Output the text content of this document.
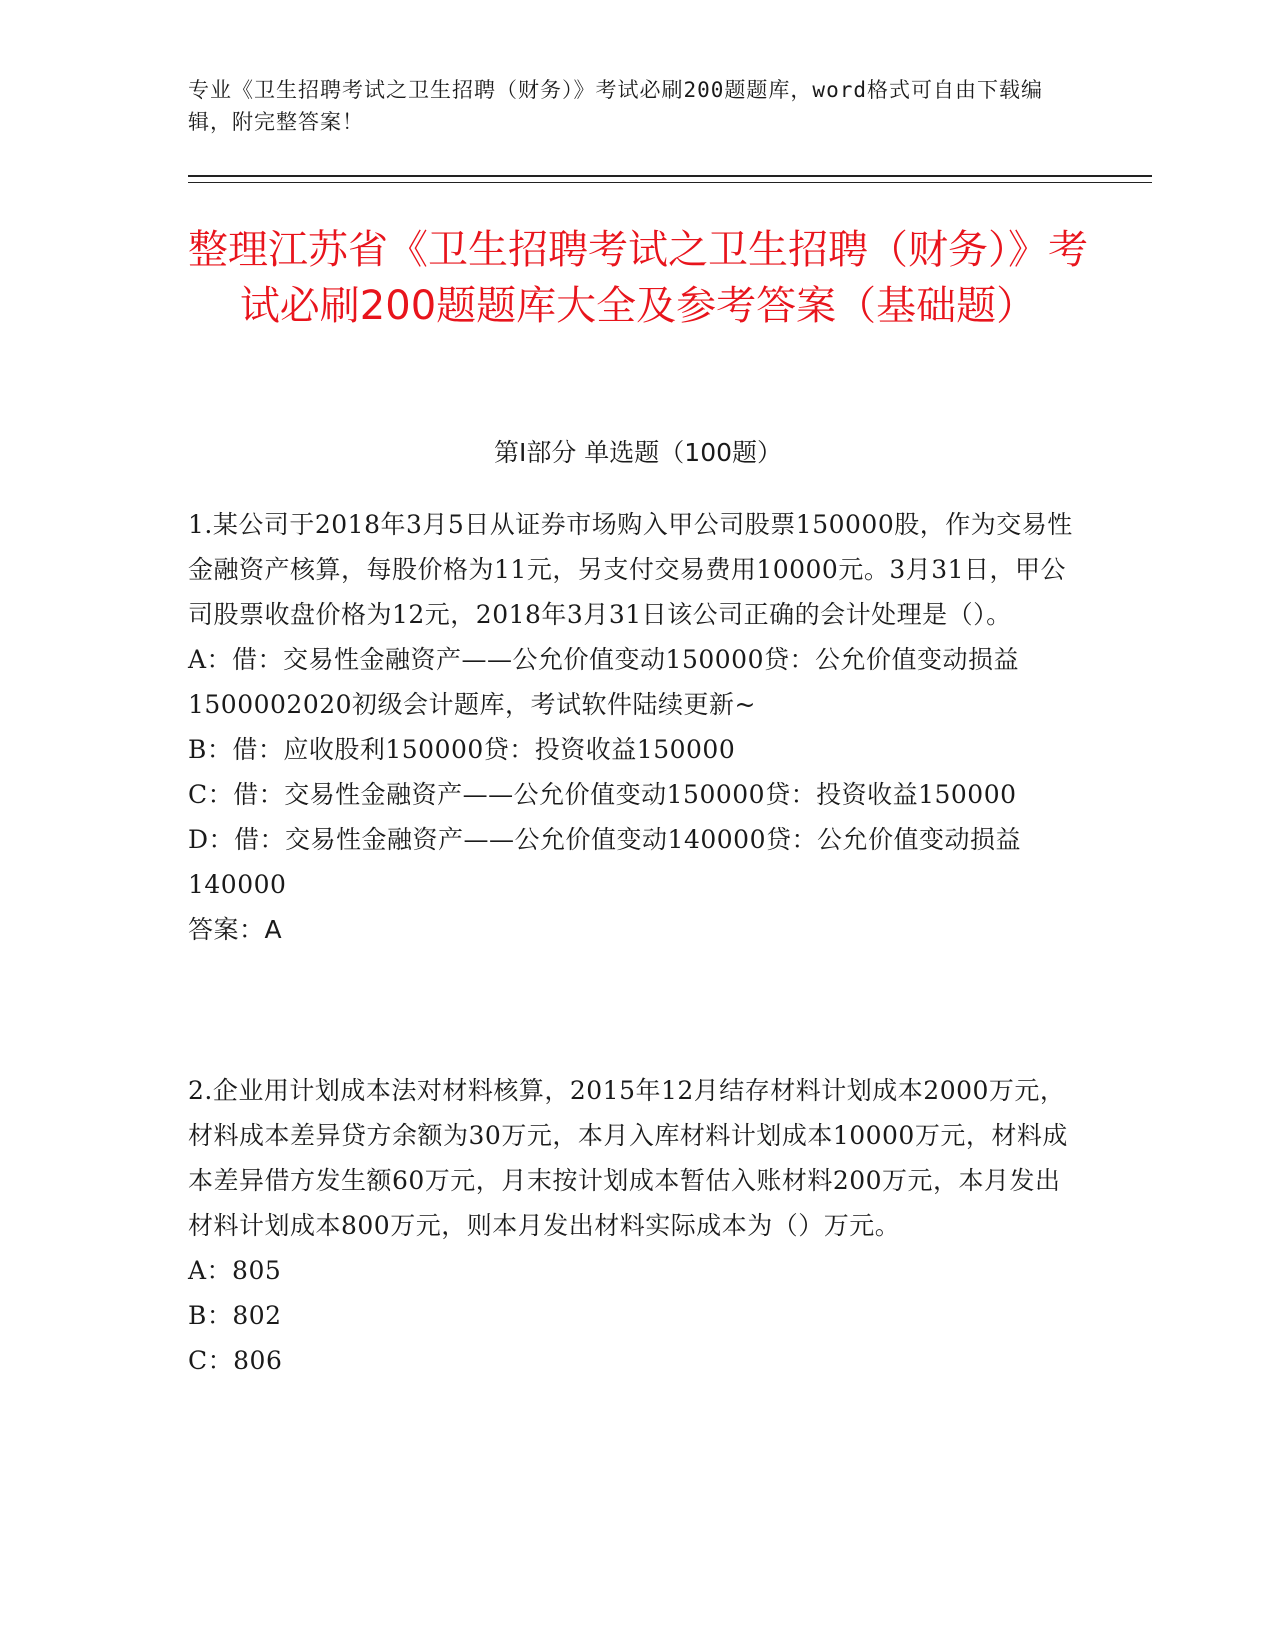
专业《卫生招聘考试之卫生招聘（财务）》考试必刷200题题库，word格式可自由下载编辑，附完整答案！
整理江苏省《卫生招聘考试之卫生招聘（财务）》考试必刷200题题库大全及参考答案（基础题）
第I部分 单选题（100题）

1.某公司于2018年3月5日从证券市场购入甲公司股票150000股，作为交易性金融资产核算，每股价格为11元，另支付交易费用10000元。3月31日，甲公司股票收盘价格为12元，2018年3月31日该公司正确的会计处理是（）。

A：借：交易性金融资产——公允价值变动150000贷：公允价值变动损益1500002020初级会计题库，考试软件陆续更新~

B：借：应收股利150000贷：投资收益150000

C：借：交易性金融资产——公允价值变动150000贷：投资收益150000

D：借：交易性金融资产——公允价值变动140000贷：公允价值变动损益140000

答案：A

2.企业用计划成本法对材料核算，2015年12月结存材料计划成本2000万元，材料成本差异贷方余额为30万元，本月入库材料计划成本10000万元，材料成本差异借方发生额60万元，月末按计划成本暂估入账材料200万元，本月发出材料计划成本800万元，则本月发出材料实际成本为（）万元。

A：805

B：802

C：806
